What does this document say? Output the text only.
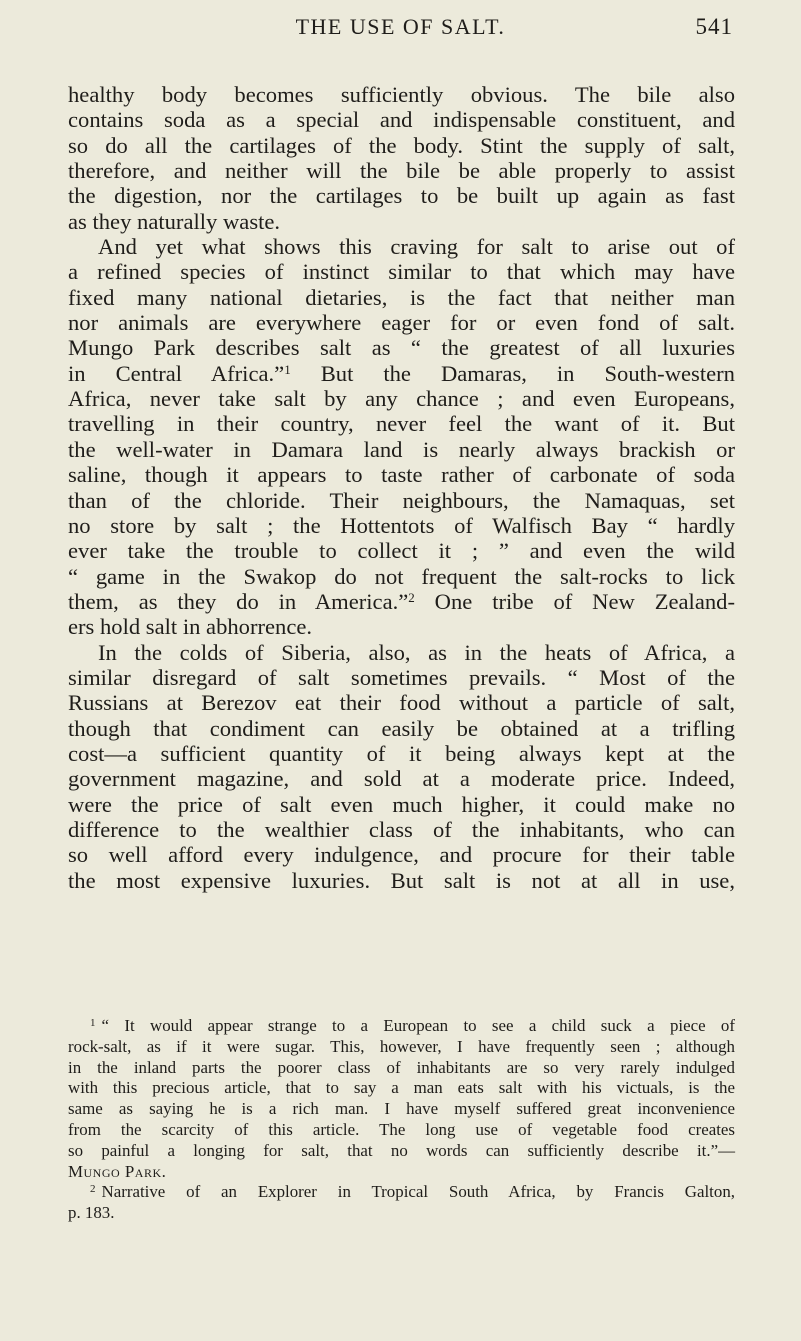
THE USE OF SALT.	541
healthy body becomes sufficiently obvious. The bile also
contains soda as a special and indispensable constituent, and
so do all the cartilages of the body. Stint the supply of salt,
therefore, and neither will the bile be able properly to assist
the digestion, nor the cartilages to be built up again as fast
as they naturally waste.
And yet what shows this craving for salt to arise out of
a refined species of instinct similar to that which may have
fixed many national dietaries, is the fact that neither man
nor animals are everywhere eager for or even fond of salt.
Mungo Park describes salt as “ the greatest of all luxuries
in Central Africa.”$^1$ But the Damaras, in South-western
Africa, never take salt by any chance ; and even Europeans,
travelling in their country, never feel the want of it. But
the well-water in Damara land is nearly always brackish or
saline, though it appears to taste rather of carbonate of soda
than of the chloride. Their neighbours, the Namaquas, set
no store by salt ; the Hottentots of Walfisch Bay “ hardly
ever take the trouble to collect it ; ” and even the wild
“ game in the Swakop do not frequent the salt-rocks to lick
them, as they do in America.”$^2$ One tribe of New Zealand-
ers hold salt in abhorrence.
In the colds of Siberia, also, as in the heats of Africa, a
similar disregard of salt sometimes prevails. “ Most of the
Russians at Berezov eat their food without a particle of salt,
though that condiment can easily be obtained at a trifling
cost—a sufficient quantity of it being always kept at the
government magazine, and sold at a moderate price. Indeed,
were the price of salt even much higher, it could make no
difference to the wealthier class of the inhabitants, who can
so well afford every indulgence, and procure for their table
the most expensive luxuries. But salt is not at all in use,
$^1$ “ It would appear strange to a European to see a child suck a piece of
rock-salt, as if it were sugar. This, however, I have frequently seen ; although
in the inland parts the poorer class of inhabitants are so very rarely indulged
with this precious article, that to say a man eats salt with his victuals, is the
same as saying he is a rich man. I have myself suffered great inconvenience
from the scarcity of this article. The long use of vegetable food creates
so painful a longing for salt, that no words can sufficiently describe it.”—
Mungo Park.
$^2$ Narrative of an Explorer in Tropical South Africa, by Francis Galton,
p. 183.
